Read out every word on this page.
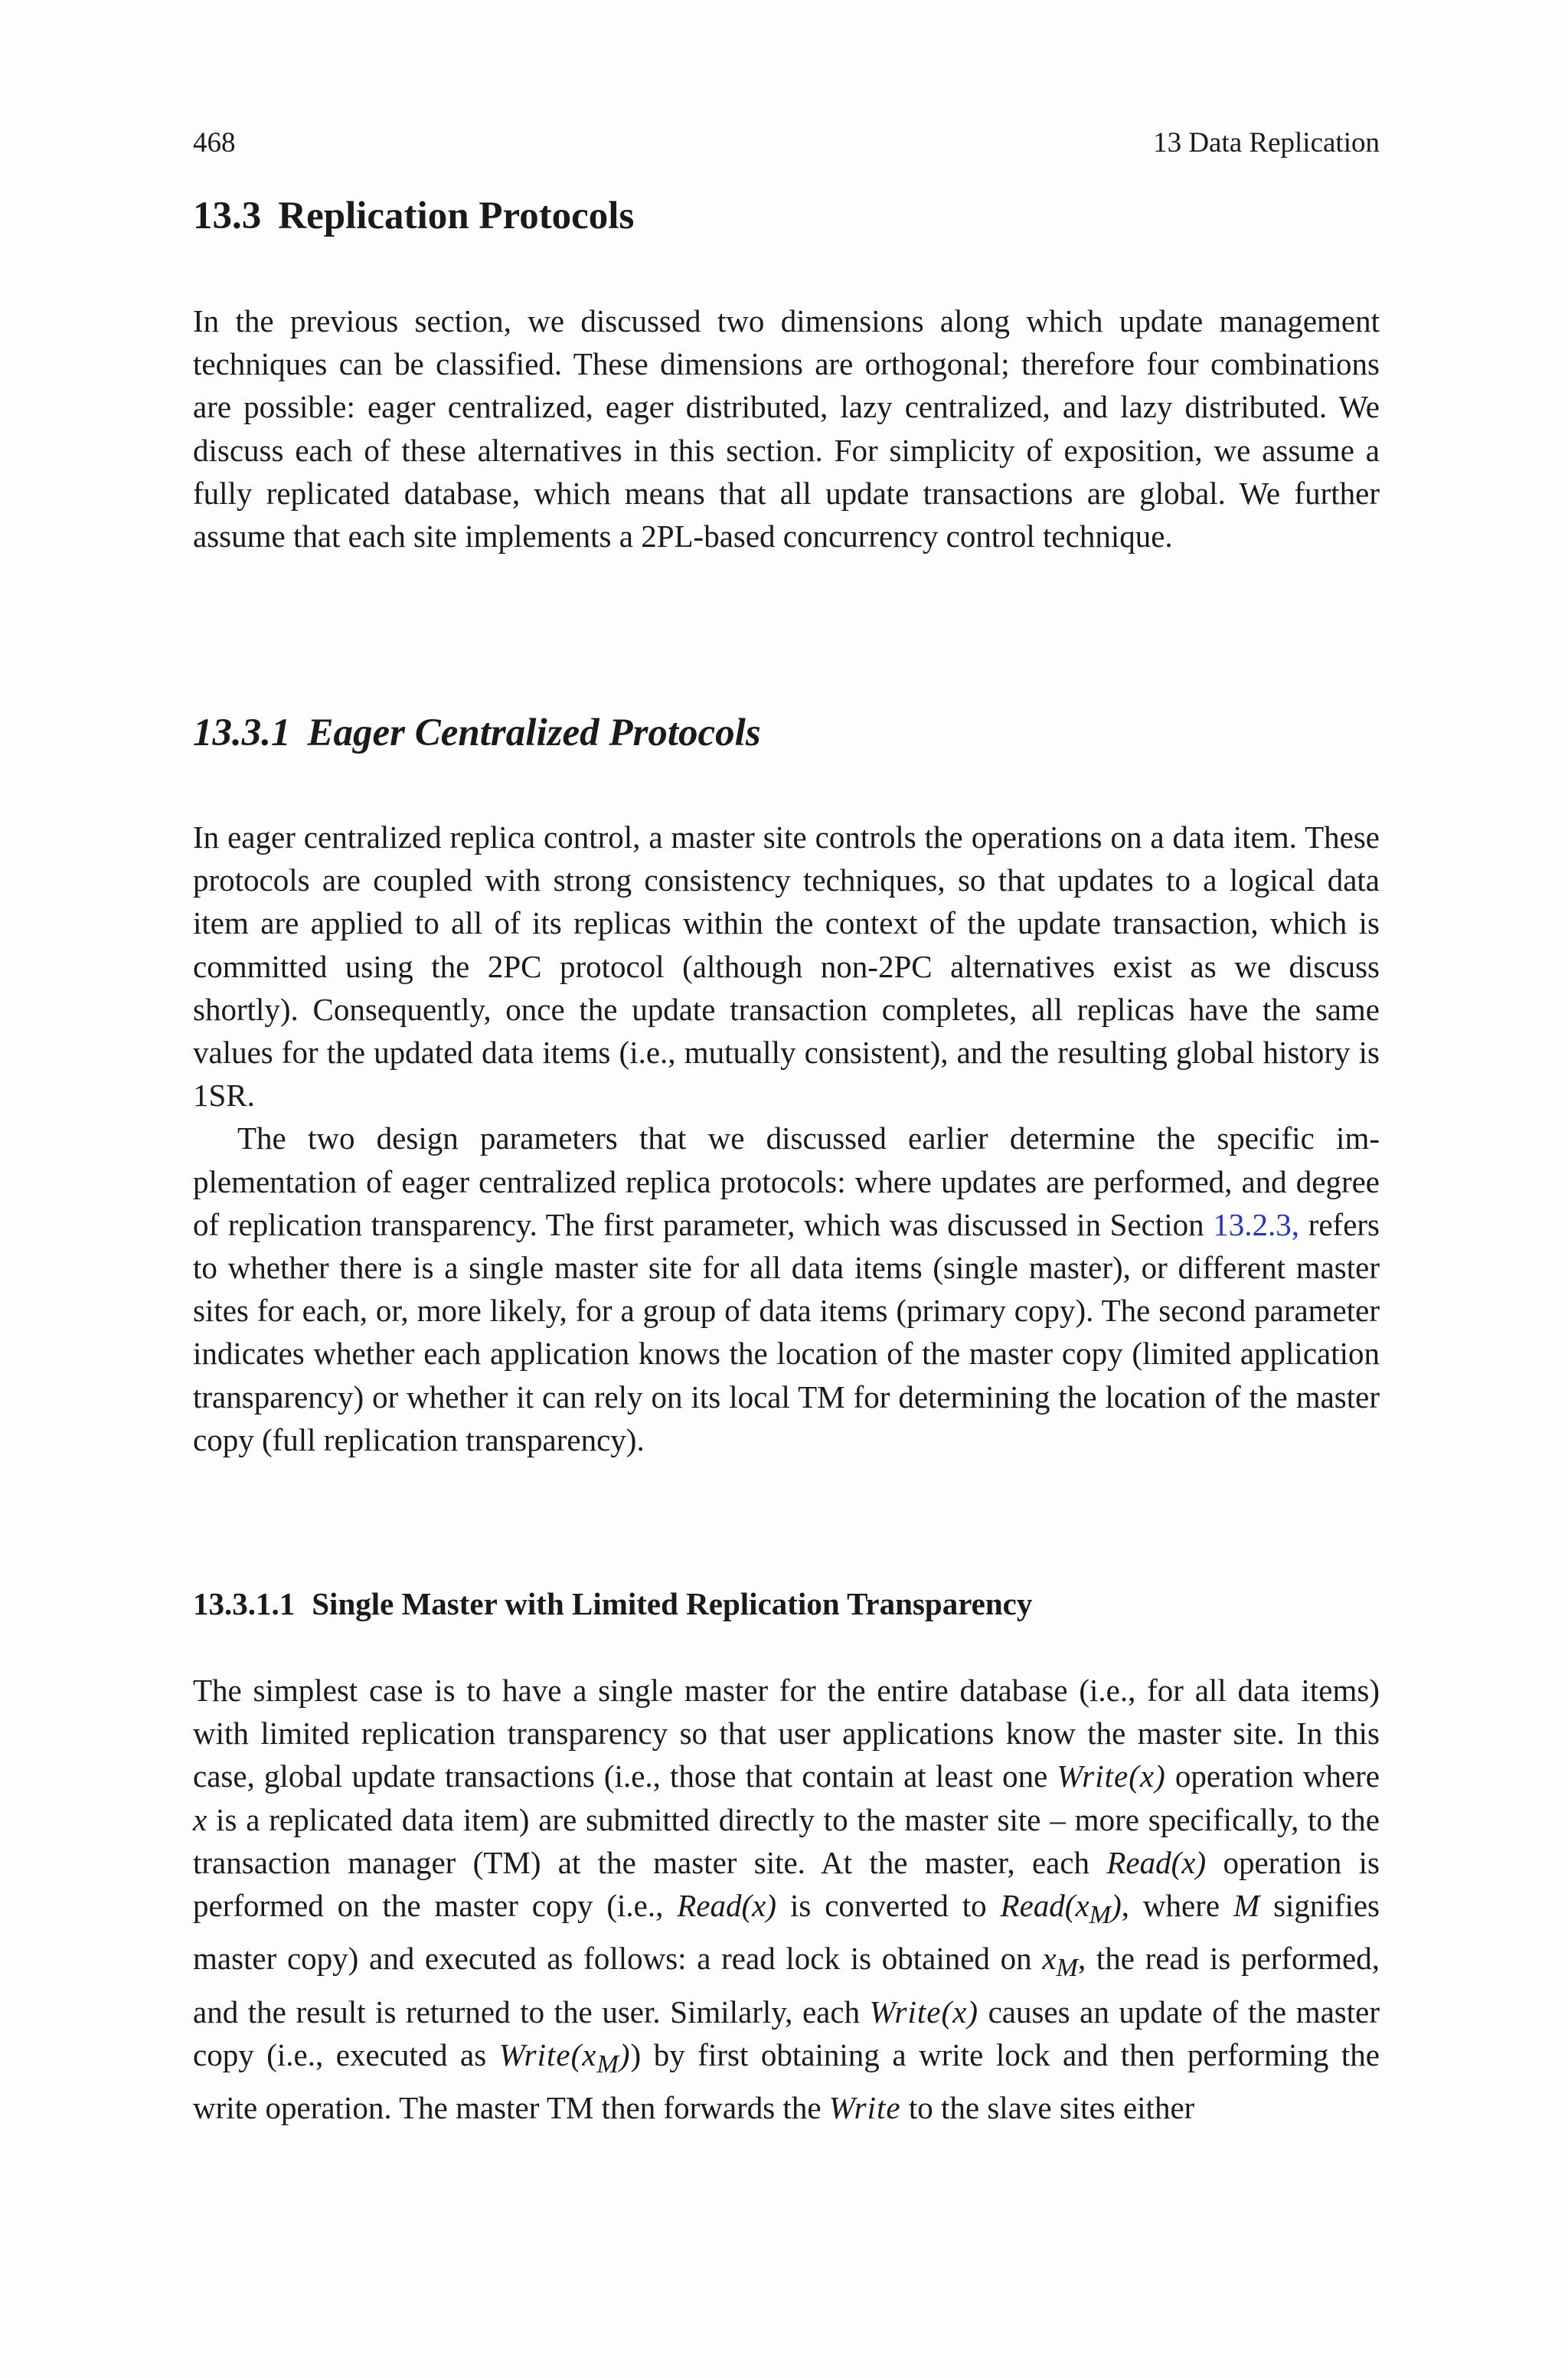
468	13 Data Replication
13.3 Replication Protocols

In the previous section, we discussed two dimensions along which update management techniques can be classified. These dimensions are orthogonal; therefore four combinations are possible: eager centralized, eager distributed, lazy centralized, and lazy distributed. We discuss each of these alternatives in this section. For simplicity of exposition, we assume a fully replicated database, which means that all update transactions are global. We further assume that each site implements a 2PL-based concurrency control technique.

13.3.1 Eager Centralized Protocols

In eager centralized replica control, a master site controls the operations on a data item. These protocols are coupled with strong consistency techniques, so that updates to a logical data item are applied to all of its replicas within the context of the update transaction, which is committed using the 2PC protocol (although non-2PC alternatives exist as we discuss shortly). Consequently, once the update transaction completes, all replicas have the same values for the updated data items (i.e., mutually consistent), and the resulting global history is 1SR.

The two design parameters that we discussed earlier determine the specific implementation of eager centralized replica protocols: where updates are performed, and degree of replication transparency. The first parameter, which was discussed in Section 13.2.3, refers to whether there is a single master site for all data items (single master), or different master sites for each, or, more likely, for a group of data items (primary copy). The second parameter indicates whether each application knows the location of the master copy (limited application transparency) or whether it can rely on its local TM for determining the location of the master copy (full replication transparency).

13.3.1.1 Single Master with Limited Replication Transparency

The simplest case is to have a single master for the entire database (i.e., for all data items) with limited replication transparency so that user applications know the master site. In this case, global update transactions (i.e., those that contain at least one Write(x) operation where x is a replicated data item) are submitted directly to the master site – more specifically, to the transaction manager (TM) at the master site. At the master, each Read(x) operation is performed on the master copy (i.e., Read(x) is converted to $Read(x_M)$, where M signifies master copy) and executed as follows: a read lock is obtained on $x_M$, the read is performed, and the result is returned to the user. Similarly, each Write(x) causes an update of the master copy (i.e., executed as $Write(x_M)$) by first obtaining a write lock and then performing the write operation. The master TM then forwards the Write to the slave sites either
